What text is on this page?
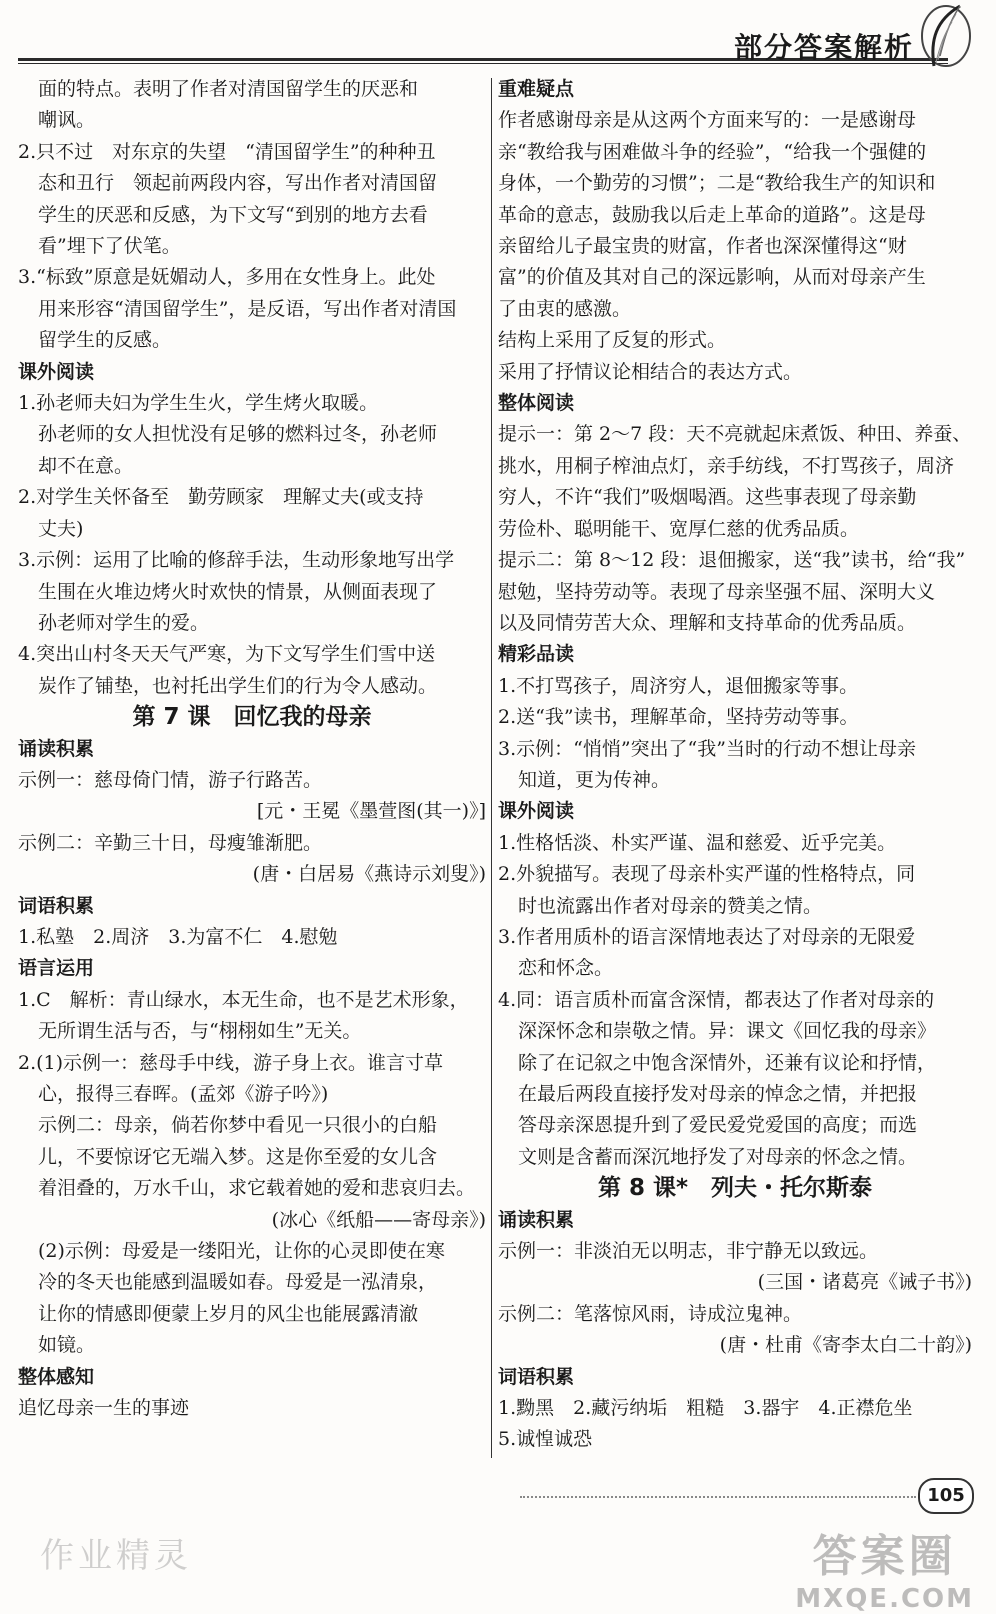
部分答案解析

面的特点。表明了作者对清国留学生的厌恶和

嘲讽。

2.只不过　对东京的失望　“清国留学生”的种种丑

态和丑行　领起前两段内容，写出作者对清国留

学生的厌恶和反感，为下文写“到别的地方去看

看”埋下了伏笔。

3.“标致”原意是妩媚动人，多用在女性身上。此处

用来形容“清国留学生”，是反语，写出作者对清国

留学生的反感。

课外阅读

1.孙老师夫妇为学生生火，学生烤火取暖。

孙老师的女人担忧没有足够的燃料过冬，孙老师

却不在意。

2.对学生关怀备至　勤劳顾家　理解丈夫(或支持

丈夫)

3.示例：运用了比喻的修辞手法，生动形象地写出学

生围在火堆边烤火时欢快的情景，从侧面表现了

孙老师对学生的爱。

4.突出山村冬天天气严寒，为下文写学生们雪中送

炭作了铺垫，也衬托出学生们的行为令人感动。

第 7 课　回忆我的母亲

诵读积累

示例一：慈母倚门情，游子行路苦。

[元・王冕《墨萱图(其一)》]

示例二：辛勤三十日，母瘦雏渐肥。

(唐・白居易《燕诗示刘叟》)

词语积累

1.私塾　2.周济　3.为富不仁　4.慰勉

语言运用

1.C　解析：青山绿水，本无生命，也不是艺术形象，

无所谓生活与否，与“栩栩如生”无关。

2.(1)示例一：慈母手中线，游子身上衣。谁言寸草

心，报得三春晖。(孟郊《游子吟》)

示例二：母亲，倘若你梦中看见一只很小的白船

儿，不要惊讶它无端入梦。这是你至爱的女儿含

着泪叠的，万水千山，求它载着她的爱和悲哀归去。

(冰心《纸船——寄母亲》)

(2)示例：母爱是一缕阳光，让你的心灵即使在寒

冷的冬天也能感到温暖如春。母爱是一泓清泉，

让你的情感即便蒙上岁月的风尘也能展露清澈

如镜。

整体感知

追忆母亲一生的事迹

重难疑点

作者感谢母亲是从这两个方面来写的：一是感谢母

亲“教给我与困难做斗争的经验”，“给我一个强健的

身体，一个勤劳的习惯”；二是“教给我生产的知识和

革命的意志，鼓励我以后走上革命的道路”。这是母

亲留给儿子最宝贵的财富，作者也深深懂得这“财

富”的价值及其对自己的深远影响，从而对母亲产生

了由衷的感激。

结构上采用了反复的形式。

采用了抒情议论相结合的表达方式。

整体阅读

提示一：第 2～7 段：天不亮就起床煮饭、种田、养蚕、

挑水，用桐子榨油点灯，亲手纺线，不打骂孩子，周济

穷人，不许“我们”吸烟喝酒。这些事表现了母亲勤

劳俭朴、聪明能干、宽厚仁慈的优秀品质。

提示二：第 8～12 段：退佃搬家，送“我”读书，给“我”

慰勉，坚持劳动等。表现了母亲坚强不屈、深明大义

以及同情劳苦大众、理解和支持革命的优秀品质。

精彩品读

1.不打骂孩子，周济穷人，退佃搬家等事。

2.送“我”读书，理解革命，坚持劳动等事。

3.示例：“悄悄”突出了“我”当时的行动不想让母亲

知道，更为传神。

课外阅读

1.性格恬淡、朴实严谨、温和慈爱、近乎完美。

2.外貌描写。表现了母亲朴实严谨的性格特点，同

时也流露出作者对母亲的赞美之情。

3.作者用质朴的语言深情地表达了对母亲的无限爱

恋和怀念。

4.同：语言质朴而富含深情，都表达了作者对母亲的

深深怀念和崇敬之情。异：课文《回忆我的母亲》

除了在记叙之中饱含深情外，还兼有议论和抒情，

在最后两段直接抒发对母亲的悼念之情，并把报

答母亲深恩提升到了爱民爱党爱国的高度；而选

文则是含蓄而深沉地抒发了对母亲的怀念之情。

第 8 课*　列夫・托尔斯泰

诵读积累

示例一：非淡泊无以明志，非宁静无以致远。

(三国・诸葛亮《诫子书》)

示例二：笔落惊风雨，诗成泣鬼神。

(唐・杜甫《寄李太白二十韵》)

词语积累

1.黝黑　2.藏污纳垢　粗糙　3.器宇　4.正襟危坐

5.诚惶诚恐

105
答案圈
MXQE.COM
作业精灵
